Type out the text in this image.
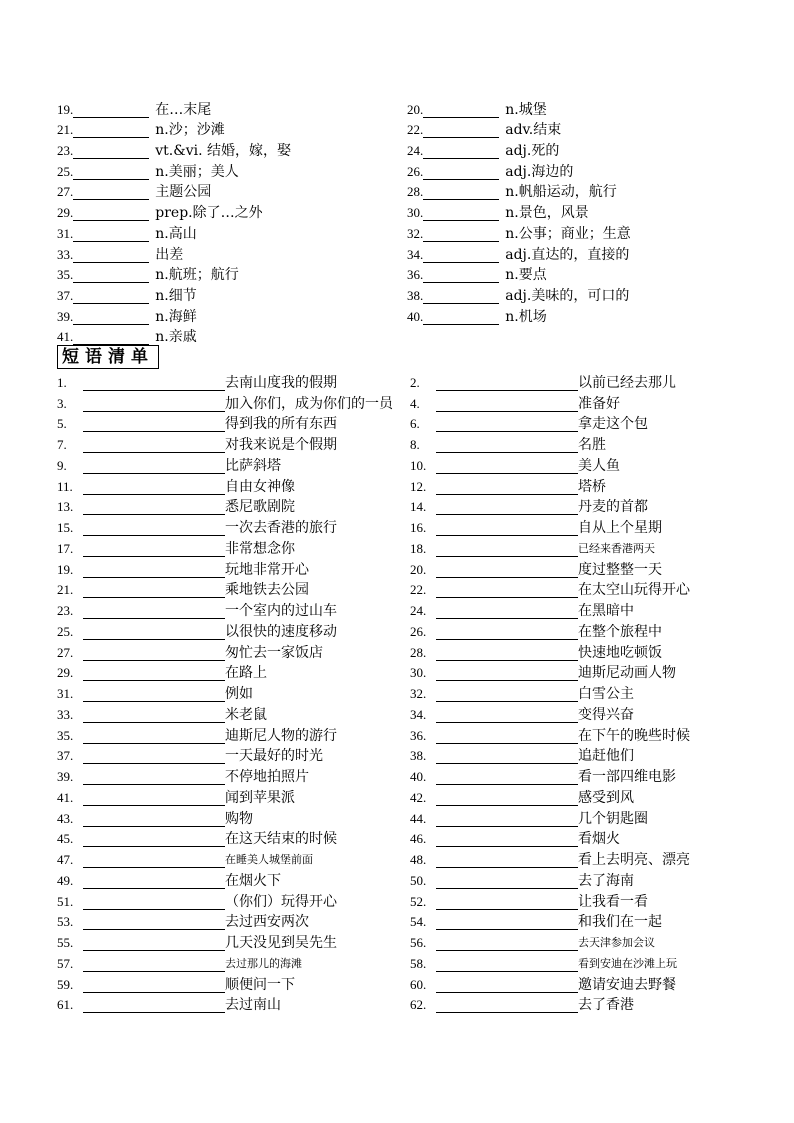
19.	在…末尾	20.	n.城堡
21.	n.沙；沙滩	22.	adv.结束
23.	vt.&vi. 结婚，嫁，娶	24.	adj.死的
25.	n.美丽；美人	26.	adj.海边的
27.	主题公园	28.	n.帆船运动，航行
29.	prep.除了…之外	30.	n.景色，风景
31.	n.高山	32.	n.公事；商业；生意
33.	出差	34.	adj.直达的，直接的
35.	n.航班；航行	36.	n.要点
37.	n.细节	38.	adj.美味的，可口的
39.	n.海鲜	40.	n.机场
41.	n.亲戚
短语清单
1.	去南山度我的假期	2.	以前已经去那儿
3.	加入你们，成为你们的一员 4.	准备好
5.	得到我的所有东西	6.	拿走这个包
7.	对我来说是个假期	8.	名胜
9.	比萨斜塔	10.	美人鱼
11.	自由女神像	12.	塔桥
13.	悉尼歌剧院	14.	丹麦的首都
15.	一次去香港的旅行	16.	自从上个星期
17.	非常想念你	18.	已经来香港两天
19.	玩地非常开心	20.	度过整整一天
21.	乘地铁去公园	22.	在太空山玩得开心
23.	一个室内的过山车	24.	在黑暗中
25.	以很快的速度移动	26.	在整个旅程中
27.	匆忙去一家饭店	28.	快速地吃顿饭
29.	在路上	30.	迪斯尼动画人物
31.	例如	32.	白雪公主
33.	米老鼠	34.	变得兴奋
35.	迪斯尼人物的游行	36.	在下午的晚些时候
37.	一天最好的时光	38.	追赶他们
39.	不停地拍照片	40.	看一部四维电影
41.	闻到苹果派	42.	感受到风
43.	购物	44.	几个钥匙圈
45.	在这天结束的时候	46.	看烟火
47.	在睡美人城堡前面	48.	看上去明亮、漂亮
49.	在烟火下	50.	去了海南
51.	（你们）玩得开心	52.	让我看一看
53.	去过西安两次	54.	和我们在一起
55.	几天没见到吴先生	56.	去天津参加会议
57.	去过那儿的海滩	58.	看到安迪在沙滩上玩
59.	顺便问一下	60.	邀请安迪去野餐
61.	去过南山	62.	去了香港
